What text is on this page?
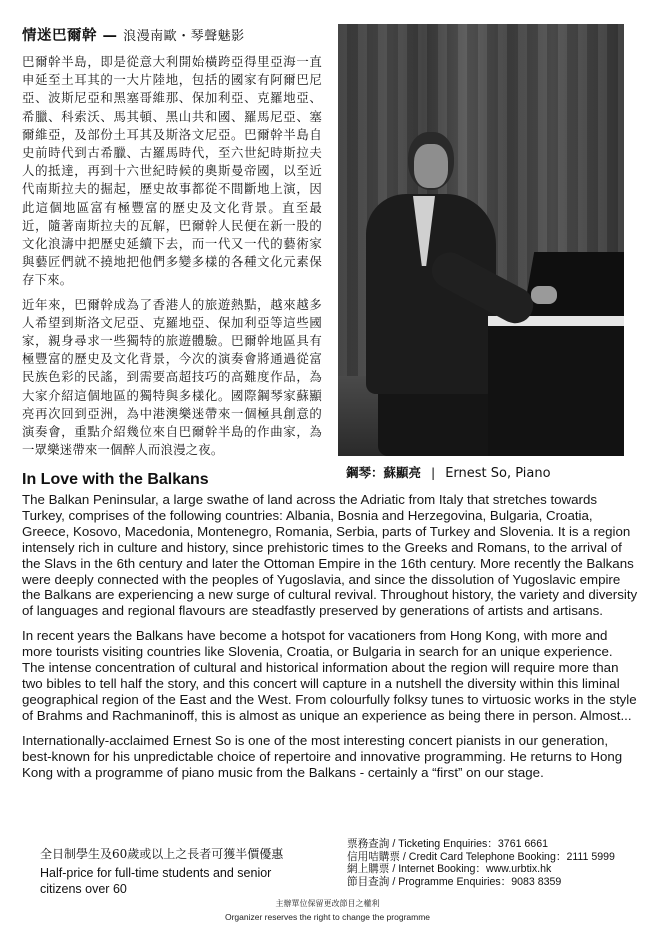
情迷巴爾幹 — 浪漫南歐・琴聲魅影

巴爾幹半島，即是從意大利開始橫跨亞得里亞海一直申延至土耳其的一大片陸地，包括的國家有阿爾巴尼亞、波斯尼亞和黑塞哥維那、保加利亞、克羅地亞、希臘、科索沃、馬其頓、黑山共和國、羅馬尼亞、塞爾維亞，及部份土耳其及斯洛文尼亞。巴爾幹半島自史前時代到古希臘、古羅馬時代，至六世紀時斯拉夫人的抵達，再到十六世紀時候的奧斯曼帝國，以至近代南斯拉夫的掘起，歷史故事都從不間斷地上演，因此這個地區富有極豐富的歷史及文化背景。直至最近，隨著南斯拉夫的瓦解，巴爾幹人民便在新一股的文化浪濤中把歷史延續下去，而一代又一代的藝術家與藝匠們就不撓地把他們多變多樣的各種文化元素保存下來。

近年來，巴爾幹成為了香港人的旅遊熱點，越來越多人希望到斯洛文尼亞、克羅地亞、保加利亞等這些國家，親身尋求一些獨特的旅遊體驗。巴爾幹地區具有極豐富的歷史及文化背景，今次的演奏會將通過從富民族色彩的民謠，到需要高超技巧的高難度作品，為大家介紹這個地區的獨特與多樣化。國際鋼琴家蘇顯亮再次回到亞洲，為中港澳樂迷帶來一個極具創意的演奏會，重點介紹幾位來自巴爾幹半島的作曲家，為一眾樂迷帶來一個醉人而浪漫之夜。

鋼琴：蘇顯亮 | Ernest So, Piano
In Love with the Balkans

The Balkan Peninsular, a large swathe of land across the Adriatic from Italy that stretches towards Turkey, comprises of the following countries: Albania, Bosnia and Herzegovina, Bulgaria, Croatia, Greece, Kosovo, Macedonia, Montenegro, Romania, Serbia, parts of Turkey and Slovenia. It is a region intensely rich in culture and history, since prehistoric times to the Greeks and Romans, to the arrival of the Slavs in the 6th century and later the Ottoman Empire in the 16th century. More recently the Balkans were deeply connected with the peoples of Yugoslavia, and since the dissolution of Yugoslavic empire the Balkans are experiencing a new surge of cultural revival. Throughout history, the variety and diversity of languages and regional flavours are steadfastly preserved by generations of artists and artisans.

In recent years the Balkans have become a hotspot for vacationers from Hong Kong, with more and more tourists visiting countries like Slovenia, Croatia, or Bulgaria in search for an unique experience. The intense concentration of cultural and historical information about the region will require more than two bibles to tell half the story, and this concert will capture in a nutshell the diversity within this liminal geographical region of the East and the West. From colourfully folksy tunes to virtuosic works in the style of Brahms and Rachmaninoff, this is almost as unique an experience as being there in person. Almost...

Internationally-acclaimed Ernest So is one of the most interesting concert pianists in our generation, best-known for his unpredictable choice of repertoire and innovative programming. He returns to Hong Kong with a programme of piano music from the Balkans - certainly a “first” on our stage.

全日制學生及60歲或以上之長者可獲半價優惠

Half-price for full-time students and senior citizens over 60

票務查詢 / Ticketing Enquiries：3761 6661
信用咭購票 / Credit Card Telephone Booking：2111 5999
網上購票 / Internet Booking：www.urbtix.hk
節目查詢 / Programme Enquiries：9083 8359

主辦單位保留更改節目之權利

Organizer reserves the right to change the programme
